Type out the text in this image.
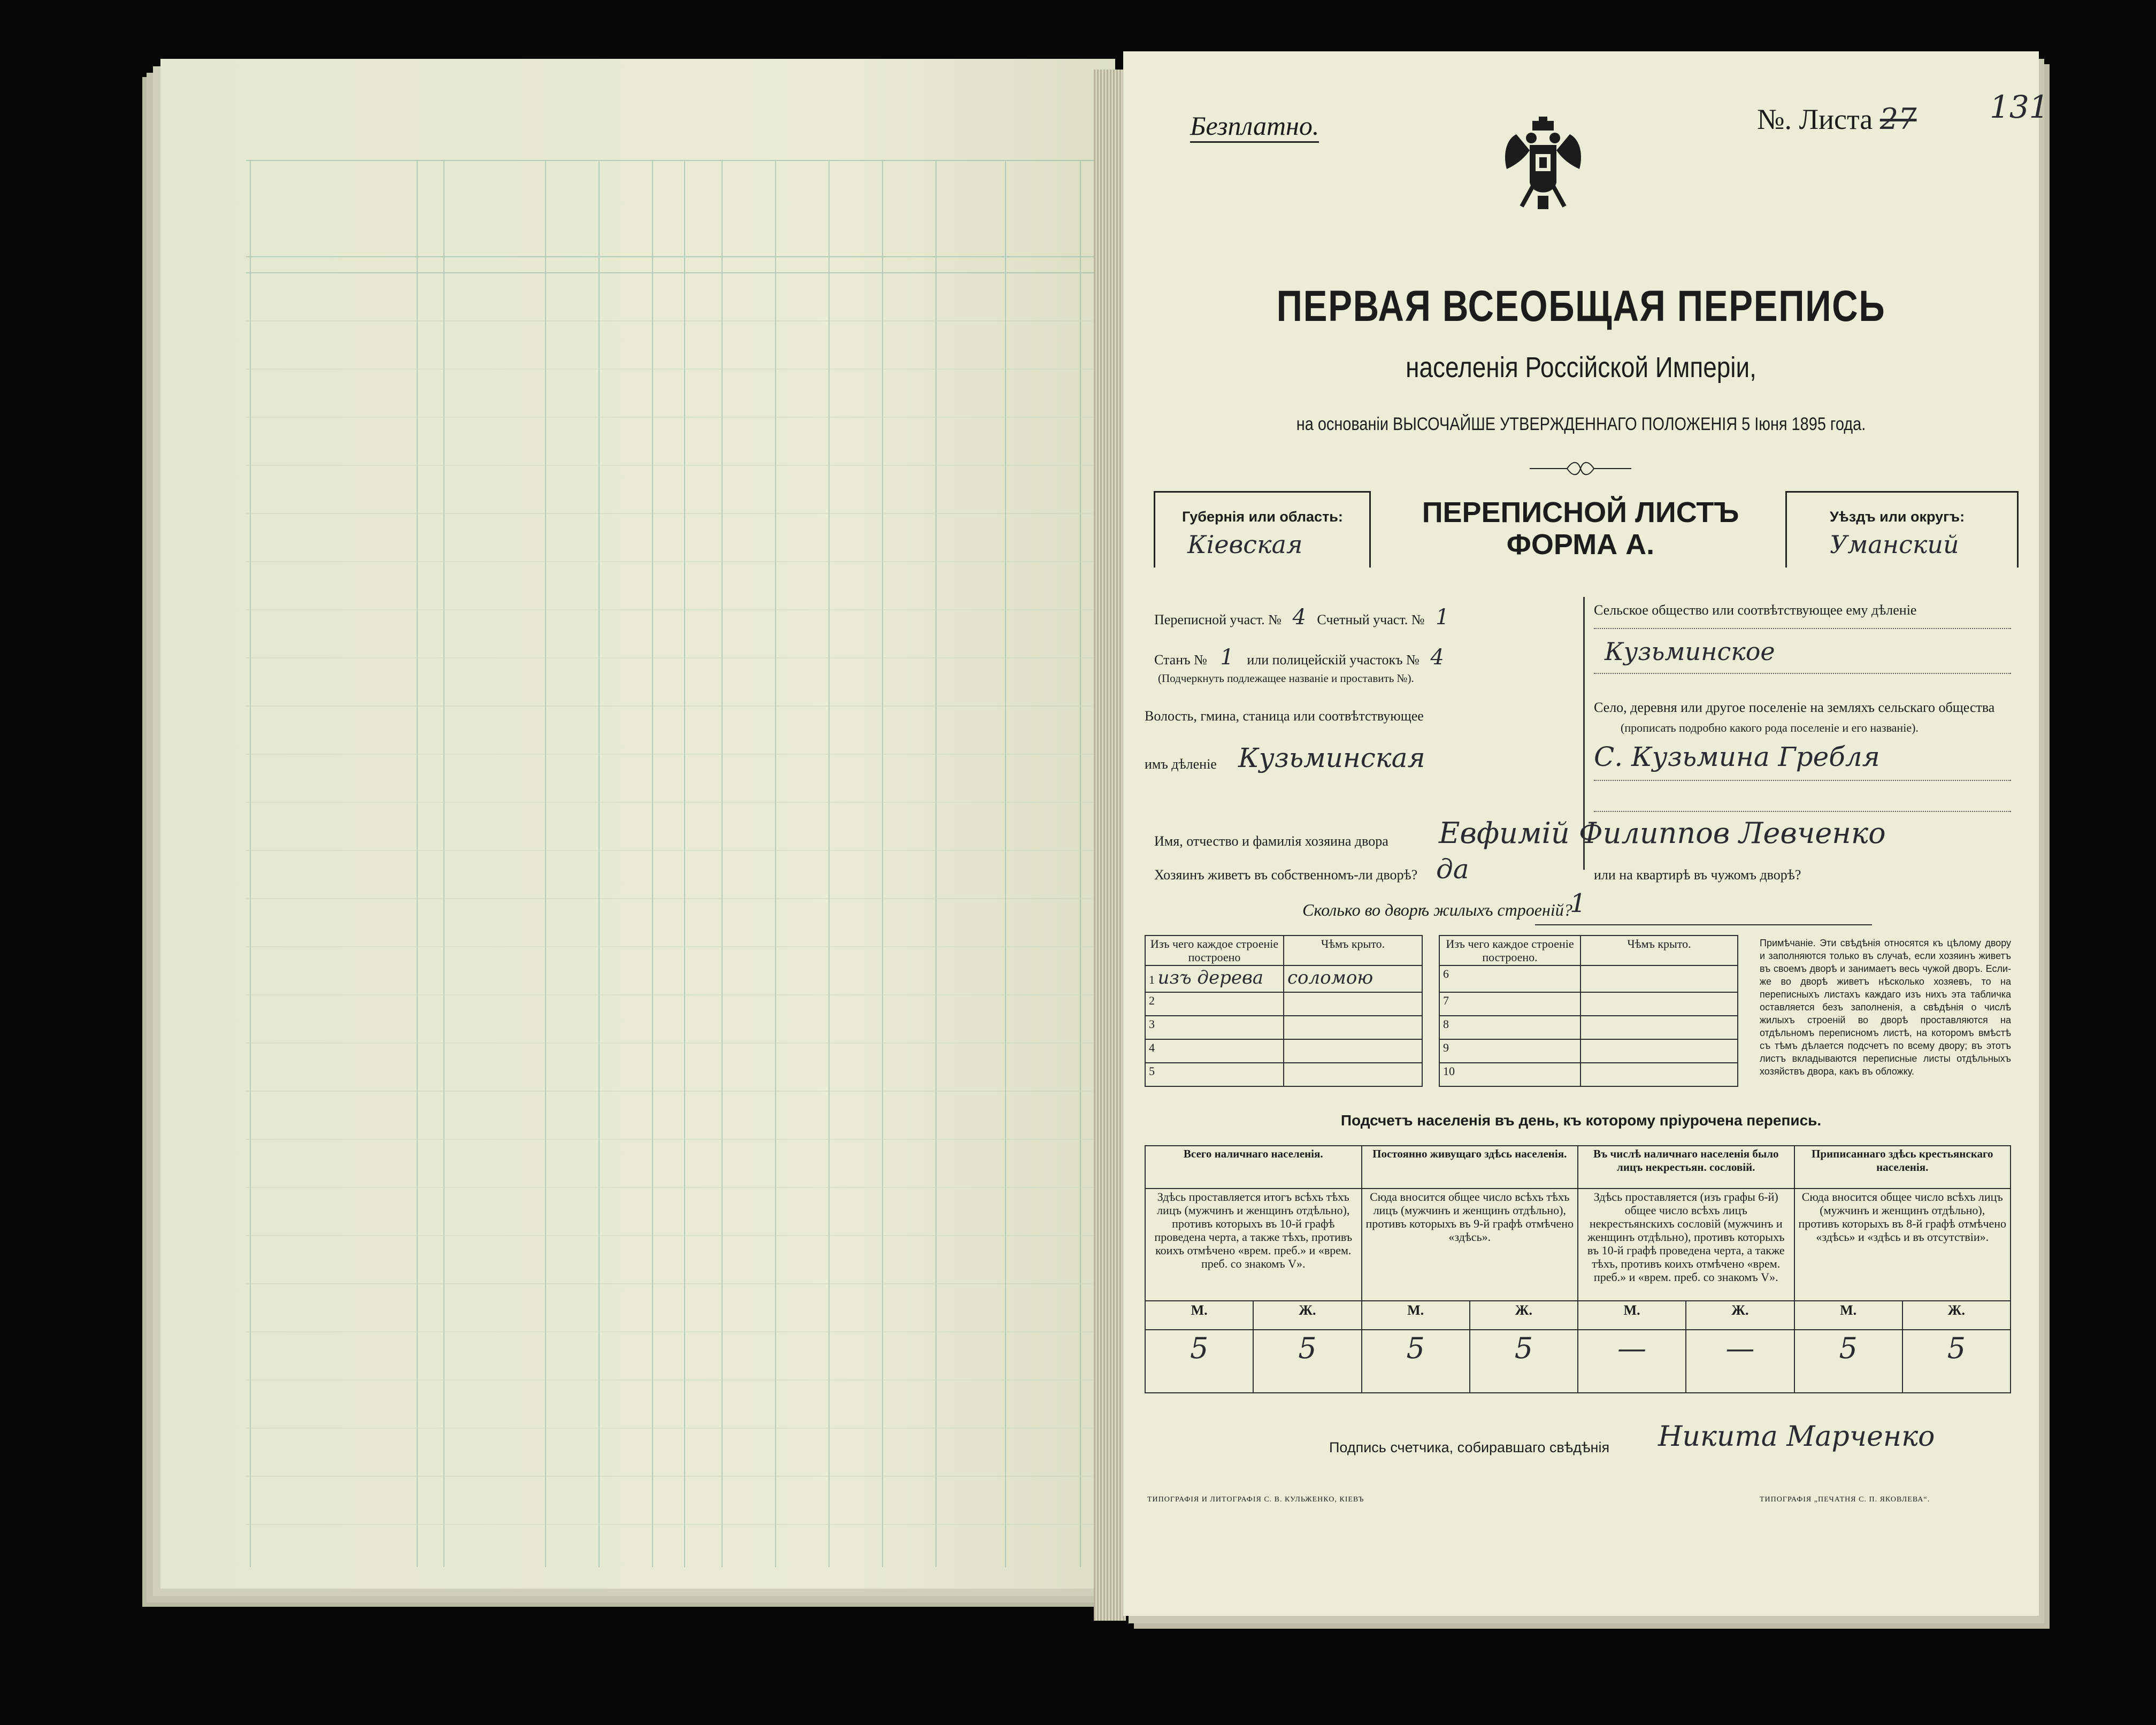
Безплатно.	№. Листа 27 131
ПЕРВАЯ ВСЕОБЩАЯ ПЕРЕПИСЬ
населенія Россійской Имперіи,
на основаніи ВЫСОЧАЙШЕ УТВЕРЖДЕННАГО ПОЛОЖЕНІЯ 5 Іюня 1895 года.
Губернія или область:
Кіевская
ПЕРЕПИСНОЙ ЛИСТЪ
ФОРМА А.
Уѣздъ или округъ:
Уманский
Переписной участ. № 4 Счетный участ. № 1
Станъ № 1 или полицейскій участокъ № 4
(Подчеркнуть подлежащее названіе и проставить №).
Волость, гмина, станица или соотвѣтствующее
имъ дѣленіе Кузьминская
Сельское общество или соотвѣтствующее ему дѣленіе
Кузьминское
Село, деревня или другое поселеніе на земляхъ сельскаго общества
(прописать подробно какого рода поселеніе и его названіе).
С. Кузьмина Гребля
Имя, отчество и фамилія хозяина двора Евфимій Филиппов Левченко
Хозяинъ живетъ въ собственномъ-ли дворѣ? да	или на квартирѣ въ чужомъ дворѣ?
Сколько во дворѣ жилыхъ строеній?
1
Изъ чего каждое строеніе построено	Чѣмъ крыто.
1 изъ дерева	соломою
2	
3	
4	
5	
Изъ чего каждое строеніе построено.	Чѣмъ крыто.
6	
7	
8	
9	
10	
Примѣчаніе. Эти свѣдѣнія относятся къ цѣлому двору и заполняются только въ случаѣ, если хозяинъ живетъ въ своемъ дворѣ и занимаетъ весь чужой дворъ. Если-же во дворѣ живетъ нѣсколько хозяевъ, то на переписныхъ листахъ каждаго изъ нихъ эта табличка оставляется безъ заполненія, а свѣдѣнія о числѣ жилыхъ строеній во дворѣ проставляются на отдѣльномъ переписномъ листѣ, на которомъ вмѣстѣ съ тѣмъ дѣлается подсчетъ по всему двору; въ этотъ листъ вкладываются переписные листы отдѣльныхъ хозяйствъ двора, какъ въ обложку.
Подсчетъ населенія въ день, къ которому пріурочена перепись.
Всего наличнаго населенія.		Постоянно живущаго здѣсь населенія.		Въ числѣ наличнаго населенія было лицъ некрестьян. сословій.		Приписаннаго здѣсь крестьянскаго населенія.	
Здѣсь проставляется итогъ всѣхъ тѣхъ лицъ (мужчинъ и женщинъ отдѣльно), противъ которыхъ въ 10-й графѣ проведена черта, а также тѣхъ, противъ коихъ отмѣчено «врем. преб.» и «врем. преб. со знакомъ V».		Сюда вносится общее число всѣхъ тѣхъ лицъ (мужчинъ и женщинъ отдѣльно), противъ которыхъ въ 9-й графѣ отмѣчено «здѣсь».		Здѣсь проставляется (изъ графы 6-й) общее число всѣхъ лицъ некрестьянскихъ сословій (мужчинъ и женщинъ отдѣльно), противъ которыхъ въ 10-й графѣ проведена черта, а также тѣхъ, противъ коихъ отмѣчено «врем. преб.» и «врем. преб. со знакомъ V».		Сюда вносится общее число всѣхъ лицъ (мужчинъ и женщинъ отдѣльно), противъ которыхъ въ 8-й графѣ отмѣчено «здѣсь» и «здѣсь и въ отсутствіи».	
М.	Ж.	М.	Ж.	М.	Ж.	М.	Ж.
5	5	5	5	—	—	5	5
Подпись счетчика, собиравшаго свѣдѣнія Никита Марченко
ТИПОГРАФІЯ И ЛИТОГРАФІЯ С. В. КУЛЬЖЕНКО, КІЕВЪ	ТИПОГРАФІЯ „ПЕЧАТНЯ С. П. ЯКОВЛЕВА“.
